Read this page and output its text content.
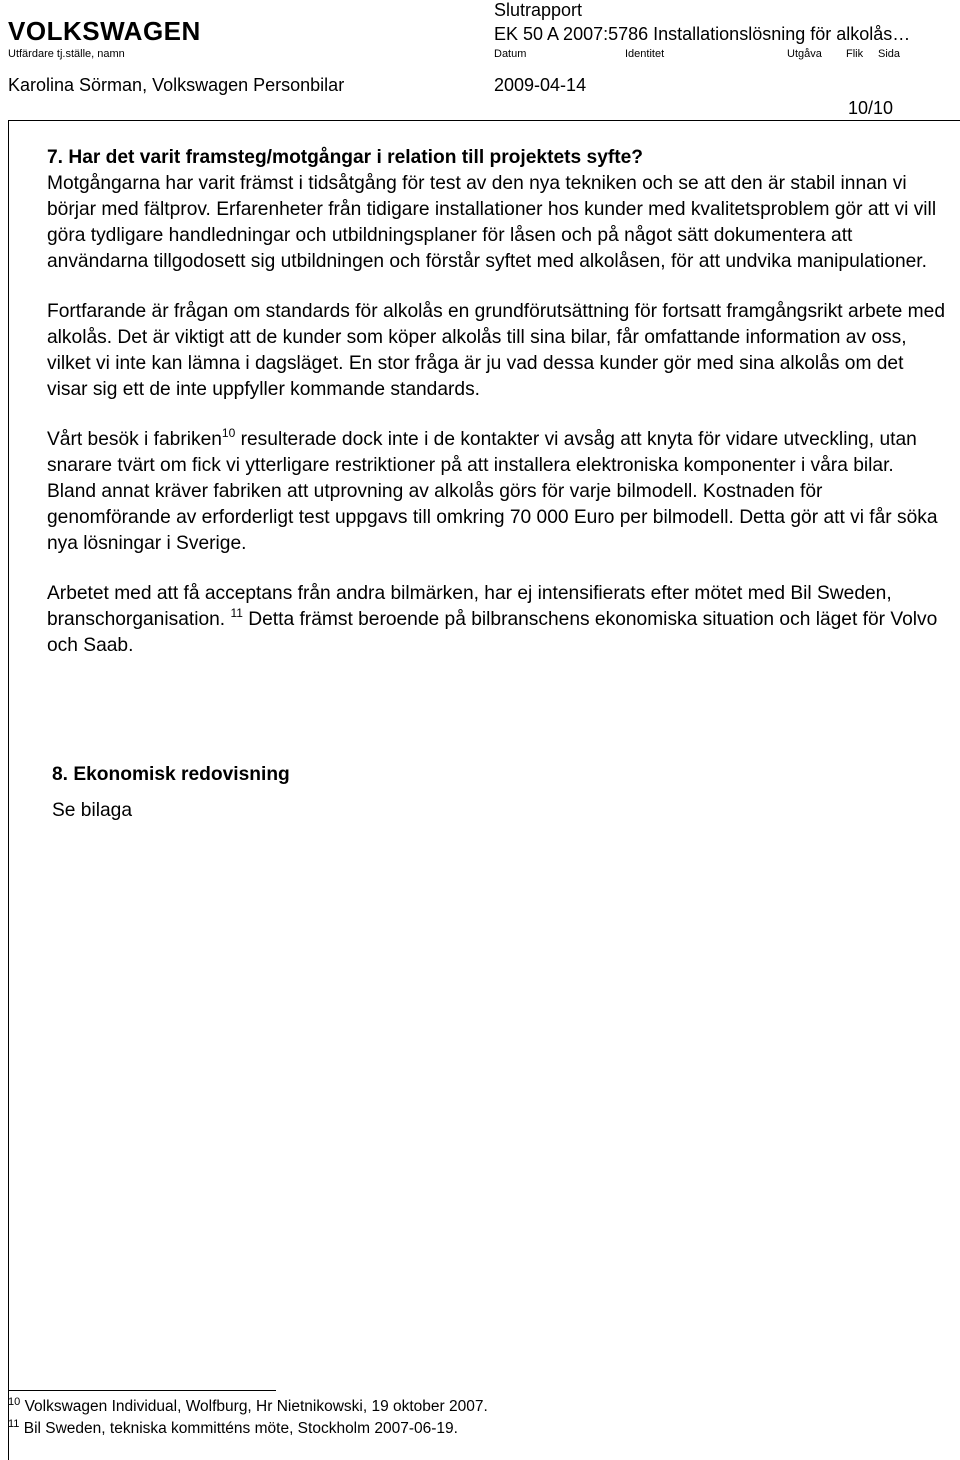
VOLKSWAGEN
Slutrapport
EK 50 A 2007:5786 Installationslösning för alkolås…
Utfärdare tj.ställe, namn	Datum	Identitet	Utgåva Flik Sida
Karolina Sörman, Volkswagen Personbilar	2009-04-14
10/10

7. Har det varit framsteg/motgångar i relation till projektets syfte?

Motgångarna har varit främst i tidsåtgång för test av den nya tekniken och se att den är stabil innan vi börjar med fältprov. Erfarenheter från tidigare installationer hos kunder med kvalitetsproblem gör att vi vill göra tydligare handledningar och utbildningsplaner för låsen och på något sätt dokumentera att användarna tillgodosett sig utbildningen och förstår syftet med alkolåsen, för att undvika manipulationer.

Fortfarande är frågan om standards för alkolås en grundförutsättning för fortsatt framgångsrikt arbete med alkolås. Det är viktigt att de kunder som köper alkolås till sina bilar, får omfattande information av oss, vilket vi inte kan lämna i dagsläget. En stor fråga är ju vad dessa kunder gör med sina alkolås om det visar sig ett de inte uppfyller kommande standards.

Vårt besök i fabriken$^{10}$ resulterade dock inte i de kontakter vi avsåg att knyta för vidare utveckling, utan snarare tvärt om fick vi ytterligare restriktioner på att installera elektroniska komponenter i våra bilar. Bland annat kräver fabriken att utprovning av alkolås görs för varje bilmodell. Kostnaden för genomförande av erforderligt test uppgavs till omkring 70 000 Euro per bilmodell. Detta gör att vi får söka nya lösningar i Sverige.

Arbetet med att få acceptans från andra bilmärken, har ej intensifierats efter mötet med Bil Sweden, branschorganisation. $^{11}$ Detta främst beroende på bilbranschens ekonomiska situation och läget för Volvo och Saab.

8. Ekonomisk redovisning
Se bilaga
$^{10}$ Volkswagen Individual, Wolfburg, Hr Nietnikowski, 19 oktober 2007.
$^{11}$ Bil Sweden, tekniska kommitténs möte, Stockholm 2007-06-19.
